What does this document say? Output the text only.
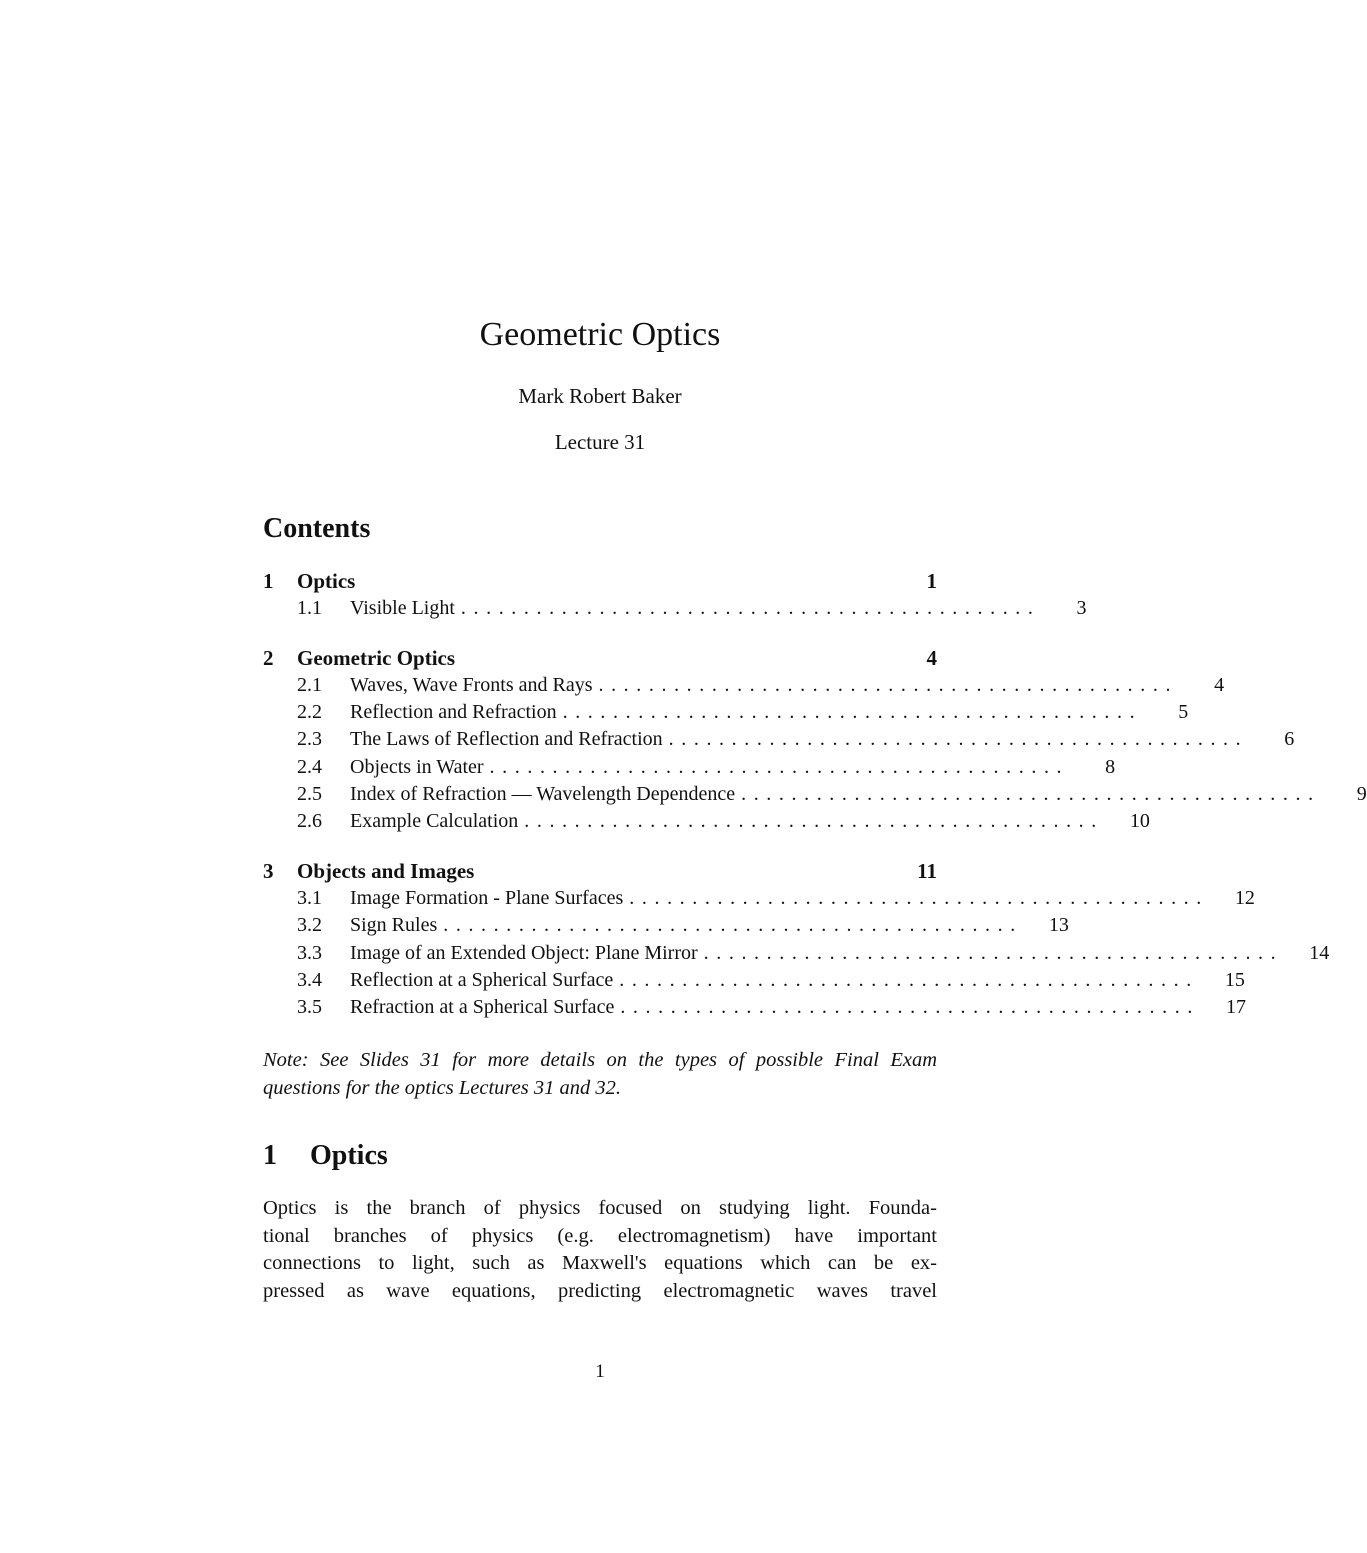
Geometric Optics
Mark Robert Baker
Lecture 31
Contents
1	Optics	1
1.1	Visible Light ..............................................	3
2	Geometric Optics	4
2.1	Waves, Wave Fronts and Rays ..............................................	4
2.2	Reflection and Refraction ..............................................	5
2.3	The Laws of Reflection and Refraction ..............................................	6
2.4	Objects in Water ..............................................	8
2.5	Index of Refraction — Wavelength Dependence ..............................................	9
2.6	Example Calculation ..............................................	10
3	Objects and Images	11
3.1	Image Formation - Plane Surfaces ..............................................	12
3.2	Sign Rules ..............................................	13
3.3	Image of an Extended Object: Plane Mirror ..............................................	14
3.4	Reflection at a Spherical Surface ..............................................	15
3.5	Refraction at a Spherical Surface ..............................................	17
Note: See Slides 31 for more details on the types of possible Final Exam questions for the optics Lectures 31 and 32.
1	Optics
Optics is the branch of physics focused on studying light. Founda-
tional branches of physics (e.g. electromagnetism) have important
connections to light, such as Maxwell's equations which can be ex-
pressed as wave equations, predicting electromagnetic waves travel
1
